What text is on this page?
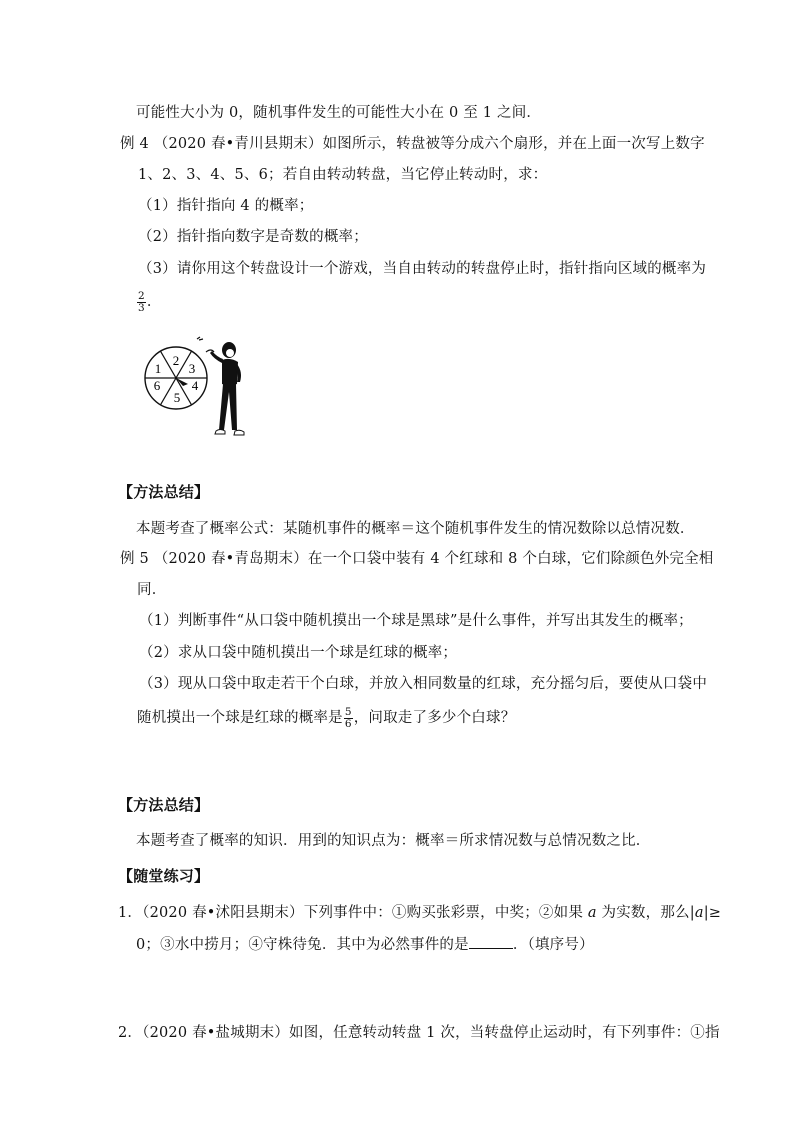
可能性大小为 0，随机事件发生的可能性大小在 0 至 1 之间．
例 4 （2020 春•青川县期末）如图所示，转盘被等分成六个扇形，并在上面一次写上数字
1、2、3、4、5、6；若自由转动转盘，当它停止转动时，求：
（1）指针指向 4 的概率；
（2）指针指向数字是奇数的概率；
（3）请你用这个转盘设计一个游戏，当自由转动的转盘停止时，指针指向区域的概率为
$\frac{2}{3}$ ．
2
3
4
5
6
1
【方法总结】
本题考查了概率公式：某随机事件的概率＝这个随机事件发生的情况数除以总情况数．
例 5 （2020 春•青岛期末）在一个口袋中装有 4 个红球和 8 个白球，它们除颜色外完全相
同．
（1）判断事件“从口袋中随机摸出一个球是黑球”是什么事件，并写出其发生的概率；
（2）求从口袋中随机摸出一个球是红球的概率；
（3）现从口袋中取走若干个白球，并放入相同数量的红球，充分摇匀后，要使从口袋中
随机摸出一个球是红球的概率是 $\frac{5}{6}$ ，问取走了多少个白球？
【方法总结】
本题考查了概率的知识．用到的知识点为：概率＝所求情况数与总情况数之比．
【随堂练习】
1．（2020 春•沭阳县期末）下列事件中：①购买张彩票，中奖；②如果 a 为实数，那么|a|≥
0；③水中捞月；④守株待兔．其中为必然事件的是	．（填序号）
2．（2020 春•盐城期末）如图，任意转动转盘 1 次，当转盘停止运动时，有下列事件：①指
